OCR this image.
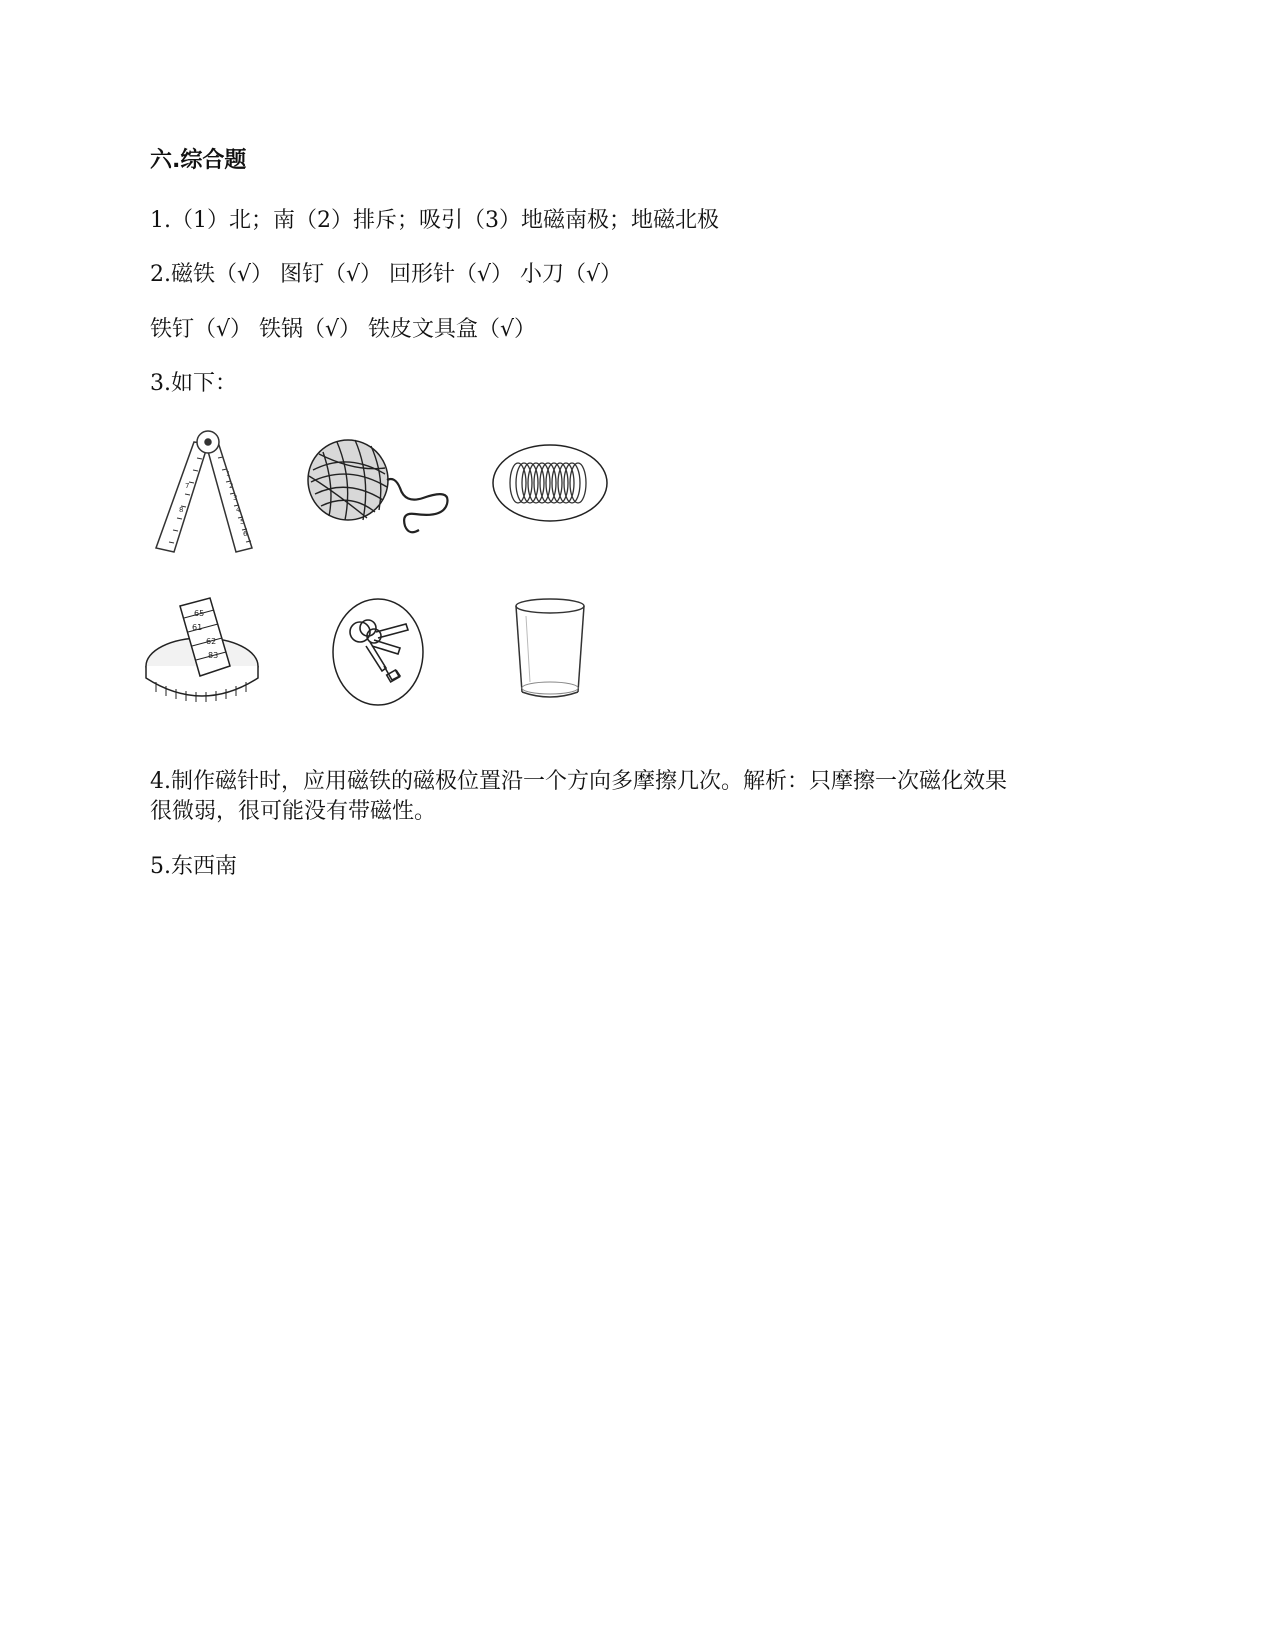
六.综合题
1.（1）北；南（2）排斥；吸引（3）地磁南极；地磁北极
2.磁铁（√） 图钉（√） 回形针（√） 小刀（√）
铁钉（√） 铁锅（√） 铁皮文具盒（√）
3.如下：
1
2
3
4
5
6
7
8
65
61
62
83
4.制作磁针时，应用磁铁的磁极位置沿一个方向多摩擦几次。解析：只摩擦一次磁化效果
很微弱，很可能没有带磁性。
5.东西南
